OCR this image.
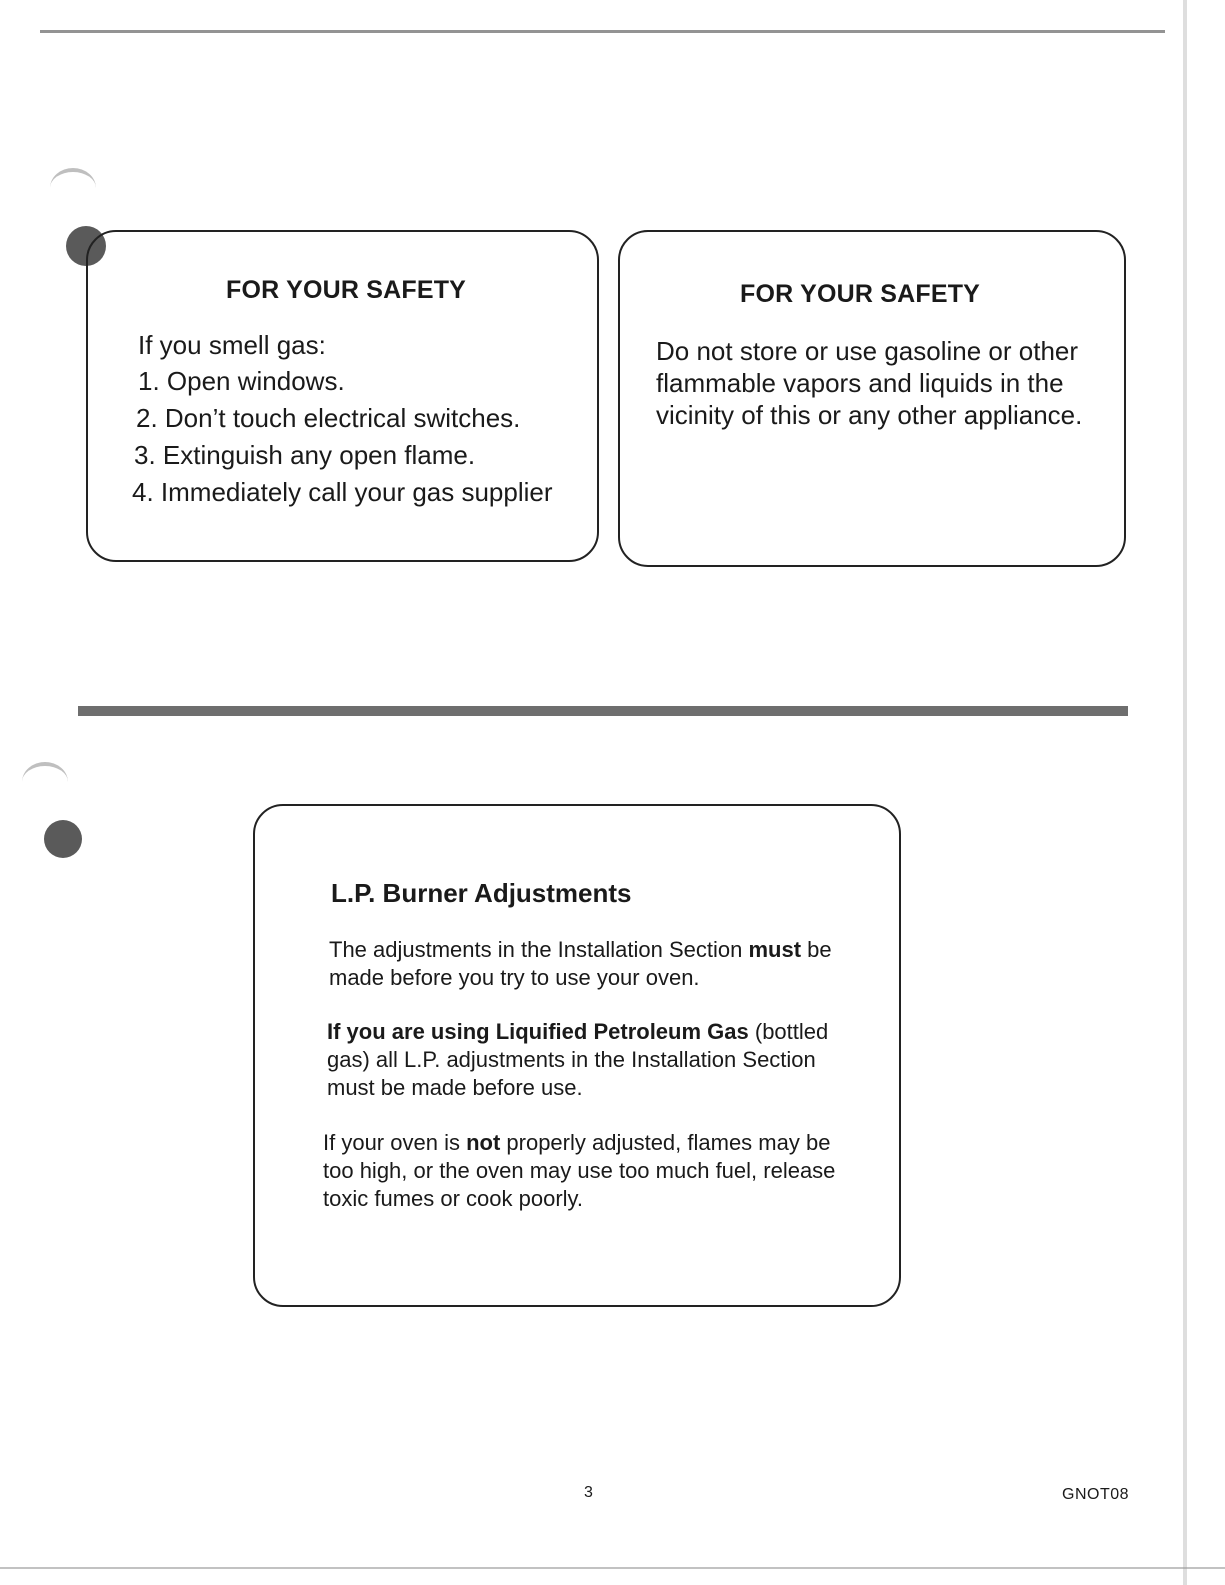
FOR YOUR SAFETY
If you smell gas:
1. Open windows.
2. Don’t touch electrical switches.
3. Extinguish any open flame.
4. Immediately call your gas supplier
FOR YOUR SAFETY
Do not store or use gasoline or other
flammable vapors and liquids in the
vicinity of this or any other appliance.
L.P. Burner Adjustments
The adjustments in the Installation Section must be
made before you try to use your oven.
If you are using Liquified Petroleum Gas (bottled
gas) all L.P. adjustments in the Installation Section
must be made before use.
If your oven is not properly adjusted, flames may be
too high, or the oven may use too much fuel, release
toxic fumes or cook poorly.
3	GNOT08
